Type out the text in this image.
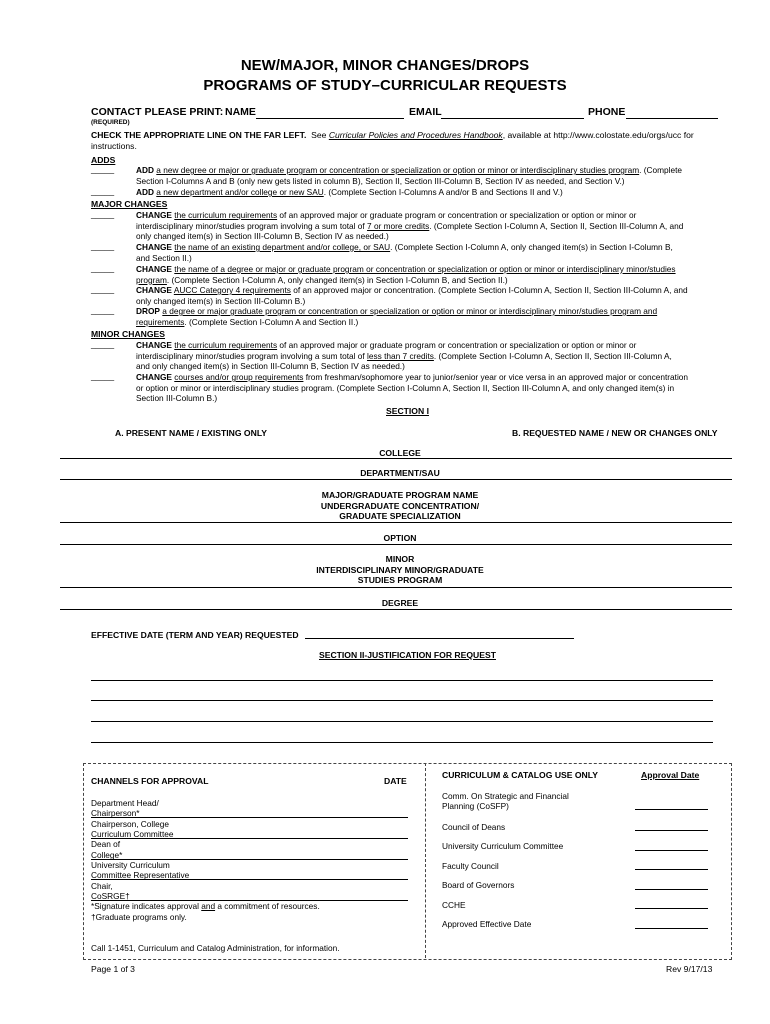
NEW/MAJOR, MINOR CHANGES/DROPS
PROGRAMS OF STUDY–CURRICULAR REQUESTS
CONTACT PLEASE PRINT: NAME	EMAIL	PHONE
(REQUIRED)
CHECK THE APPROPRIATE LINE ON THE FAR LEFT. See Curricular Policies and Procedures Handbook, available at http://www.colostate.edu/orgs/ucc for
instructions.
ADDS
_____	ADD a new degree or major or graduate program or concentration or specialization or option or minor or interdisciplinary studies program. (Complete
Section I-Columns A and B (only new gets listed in column B), Section II, Section III-Column B, Section IV as needed, and Section V.)
_____	ADD a new department and/or college or new SAU. (Complete Section I-Columns A and/or B and Sections II and V.)
MAJOR CHANGES
_____	CHANGE the curriculum requirements of an approved major or graduate program or concentration or specialization or option or minor or
interdisciplinary minor/studies program involving a sum total of 7 or more credits. (Complete Section I-Column A, Section II, Section III-Column A, and
only changed item(s) in Section III-Column B, Section IV as needed.)
_____	CHANGE the name of an existing department and/or college, or SAU. (Complete Section I-Column A, only changed item(s) in Section I-Column B,
and Section II.)
_____	CHANGE the name of a degree or major or graduate program or concentration or specialization or option or minor or interdisciplinary minor/studies
program. (Complete Section I-Column A, only changed item(s) in Section I-Column B, and Section II.)
_____	CHANGE AUCC Category 4 requirements of an approved major or concentration. (Complete Section I-Column A, Section II, Section III-Column A, and
only changed item(s) in Section III-Column B.)
_____	DROP a degree or major graduate program or concentration or specialization or option or minor or interdisciplinary minor/studies program and
requirements. (Complete Section I-Column A and Section II.)
MINOR CHANGES
_____	CHANGE the curriculum requirements of an approved major or graduate program or concentration or specialization or option or minor or
interdisciplinary minor/studies program involving a sum total of less than 7 credits. (Complete Section I-Column A, Section II, Section III-Column A,
and only changed item(s) in Section III-Column B, Section IV as needed.)
_____	CHANGE courses and/or group requirements from freshman/sophomore year to junior/senior year or vice versa in an approved major or concentration
or option or minor or interdisciplinary studies program. (Complete Section I-Column A, Section II, Section III-Column A, and only changed item(s) in
Section III-Column B.)
SECTION I
A. PRESENT NAME / EXISTING ONLY	B. REQUESTED NAME / NEW OR CHANGES ONLY
COLLEGE
DEPARTMENT/SAU
MAJOR/GRADUATE PROGRAM NAME
UNDERGRADUATE CONCENTRATION/
GRADUATE SPECIALIZATION
OPTION
MINOR
INTERDISCIPLINARY MINOR/GRADUATE
STUDIES PROGRAM
DEGREE
EFFECTIVE DATE (TERM AND YEAR) REQUESTED
SECTION II-JUSTIFICATION FOR REQUEST
CHANNELS FOR APPROVAL	DATE
Department Head/
Chairperson*
Chairperson, College
Curriculum Committee
Dean of
College*
University Curriculum
Committee Representative
Chair,
CoSRGE†
*Signature indicates approval and a commitment of resources.
†Graduate programs only.
Call 1-1451, Curriculum and Catalog Administration, for information.
CURRICULUM & CATALOG USE ONLY	Approval Date
Comm. On Strategic and Financial
Planning (CoSFP)
Council of Deans
University Curriculum Committee
Faculty Council
Board of Governors
CCHE
Approved Effective Date
Page 1 of 3	Rev 9/17/13
